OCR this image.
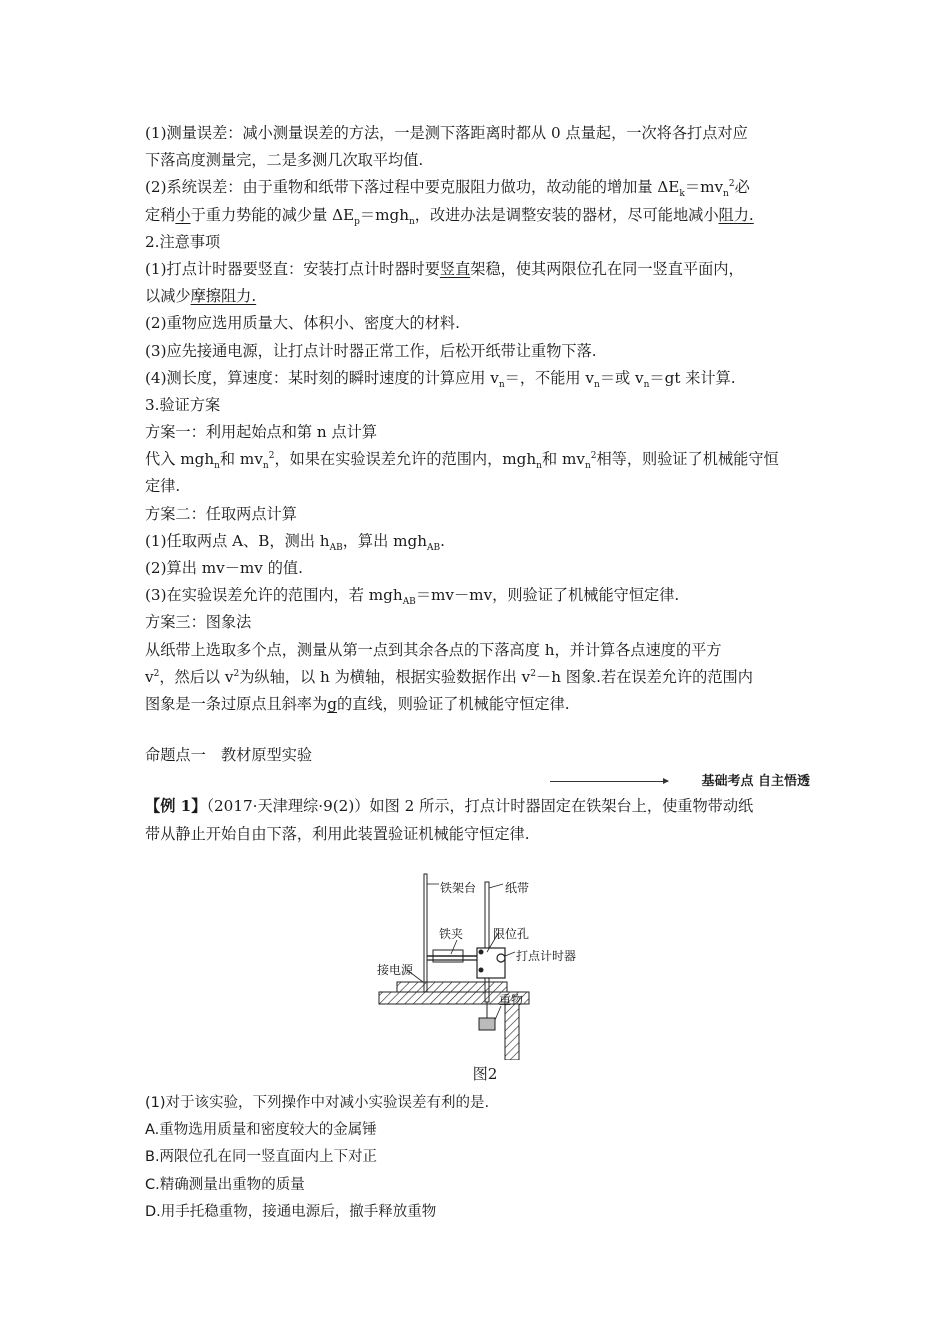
(1)测量误差：减小测量误差的方法，一是测下落距离时都从 0 点量起，一次将各打点对应
下落高度测量完，二是多测几次取平均值.
(2)系统误差：由于重物和纸带下落过程中要克服阻力做功，故动能的增加量 $\Delta E_k=mv_n^2$必
定稍小于重力势能的减少量 $\Delta E_p=mgh_n$，改进办法是调整安装的器材，尽可能地减小阻力.
2.注意事项
(1)打点计时器要竖直：安装打点计时器时要竖直架稳，使其两限位孔在同一竖直平面内，
以减少摩擦阻力.
(2)重物应选用质量大、体积小、密度大的材料.
(3)应先接通电源，让打点计时器正常工作，后松开纸带让重物下落.
(4)测长度，算速度：某时刻的瞬时速度的计算应用 $v_n=$，不能用 $v_n=$或 $v_n=gt$ 来计算.
3.验证方案
方案一：利用起始点和第 n 点计算
代入 mgh$_n$和 $mv_n^2$，如果在实验误差允许的范围内，mgh$_n$和 $mv_n^2$相等，则验证了机械能守恒
定律.
方案二：任取两点计算
(1)任取两点 A、B，测出 $h_{AB}$，算出 mgh$_{AB}$.
(2)算出 mv－mv 的值.
(3)在实验误差允许的范围内，若 mgh$_{AB}$＝mv－mv，则验证了机械能守恒定律.
方案三：图象法
从纸带上选取多个点，测量从第一点到其余各点的下落高度 h，并计算各点速度的平方
$v^2$，然后以 $v^2$为纵轴，以 h 为横轴，根据实验数据作出 $v^2-h$ 图象.若在误差允许的范围内
图象是一条过原点且斜率为g的直线，则验证了机械能守恒定律.
命题点一　教材原型实验
基础考点 自主悟透
【例 1】（2017·天津理综·9(2)）如图 2 所示，打点计时器固定在铁架台上，使重物带动纸
带从静止开始自由下落，利用此装置验证机械能守恒定律.
铁架台 纸带
铁夹 限位孔
打点计时器
接电源
重物
图2
(1)对于该实验，下列操作中对减小实验误差有利的是.
A.重物选用质量和密度较大的金属锤
B.两限位孔在同一竖直面内上下对正
C.精确测量出重物的质量
D.用手托稳重物，接通电源后，撤手释放重物
